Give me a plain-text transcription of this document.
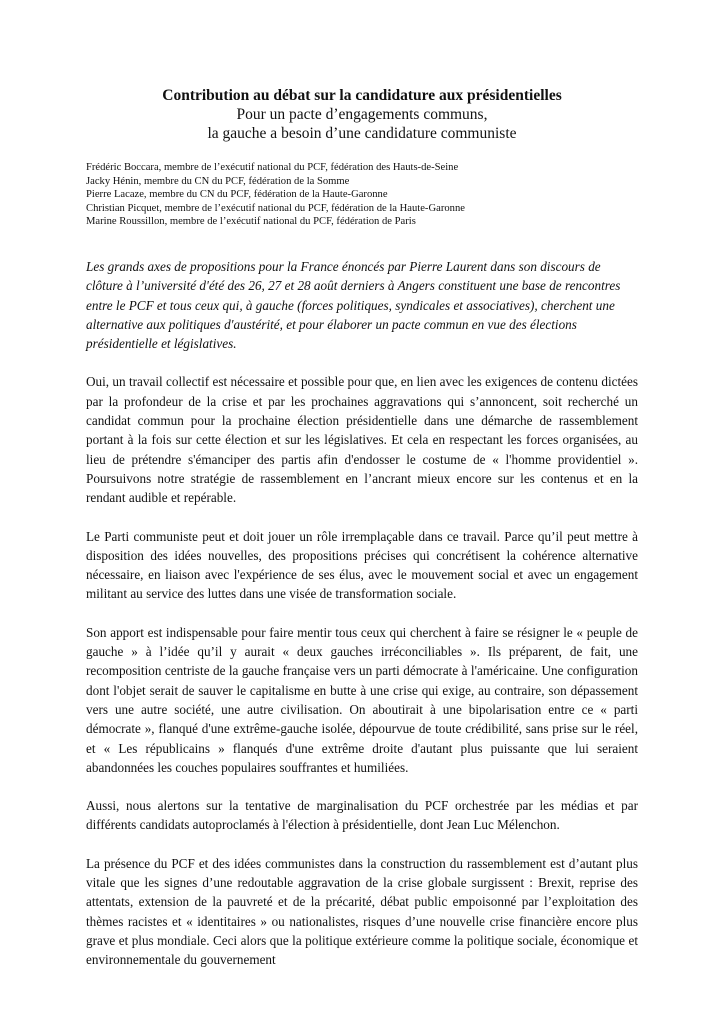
Contribution au débat sur la candidature aux présidentielles

Pour un pacte d’engagements communs,

la gauche a besoin d’une candidature communiste

Frédéric Boccara, membre de l’exécutif national du PCF, fédération des Hauts-de-Seine
Jacky Hénin, membre du CN du PCF, fédération de la Somme
Pierre Lacaze, membre du CN du PCF, fédération de la Haute-Garonne
Christian Picquet, membre de l’exécutif national du PCF, fédération de la Haute-Garonne
Marine Roussillon, membre de l’exécutif national du PCF, fédération de Paris

Les grands axes de propositions pour la France énoncés par Pierre Laurent dans son discours de clôture à l’université d'été des 26, 27 et 28 août derniers à Angers constituent une base de rencontres entre le PCF et tous ceux qui, à gauche (forces politiques, syndicales et associatives), cherchent une alternative aux politiques d'austérité, et pour élaborer un pacte commun en vue des élections présidentielle et législatives.

Oui, un travail collectif est nécessaire et possible pour que, en lien avec les exigences de contenu dictées par la profondeur de la crise et par les prochaines aggravations qui s’annoncent, soit recherché un candidat commun pour la prochaine élection présidentielle dans une démarche de rassemblement portant à la fois sur cette élection et sur les législatives. Et cela en respectant les forces organisées, au lieu de prétendre s'émanciper des partis afin d'endosser le costume de « l'homme providentiel ». Poursuivons notre stratégie de rassemblement en l’ancrant mieux encore sur les contenus et en la rendant audible et repérable.

Le Parti communiste peut et doit jouer un rôle irremplaçable dans ce travail. Parce qu’il peut mettre à disposition des idées nouvelles, des propositions précises qui concrétisent la cohérence alternative nécessaire, en liaison avec l'expérience de ses élus, avec le mouvement social et avec un engagement militant au service des luttes dans une visée de transformation sociale.

Son apport est indispensable pour faire mentir tous ceux qui cherchent à faire se résigner le « peuple de gauche » à l’idée qu’il y aurait « deux gauches irréconciliables ». Ils préparent, de fait, une recomposition centriste de la gauche française vers un parti démocrate à l'américaine. Une configuration dont l'objet serait de sauver le capitalisme en butte à une crise qui exige, au contraire, son dépassement vers une autre société, une autre civilisation. On aboutirait à une bipolarisation entre ce « parti démocrate », flanqué d'une extrême-gauche isolée, dépourvue de toute crédibilité, sans prise sur le réel, et « Les républicains » flanqués d'une extrême droite d'autant plus puissante que lui seraient abandonnées les couches populaires souffrantes et humiliées.

Aussi, nous alertons sur la tentative de marginalisation du PCF orchestrée par les médias et par différents candidats autoproclamés à l'élection à présidentielle, dont Jean Luc Mélenchon.

La présence du PCF et des idées communistes dans la construction du rassemblement est d’autant plus vitale que les signes d’une redoutable aggravation de la crise globale surgissent : Brexit, reprise des attentats, extension de la pauvreté et de la précarité, débat public empoisonné par l’exploitation des thèmes racistes et « identitaires » ou nationalistes, risques d’une nouvelle crise financière encore plus grave et plus mondiale. Ceci alors que la politique extérieure comme la politique sociale, économique et environnementale du gouvernement
